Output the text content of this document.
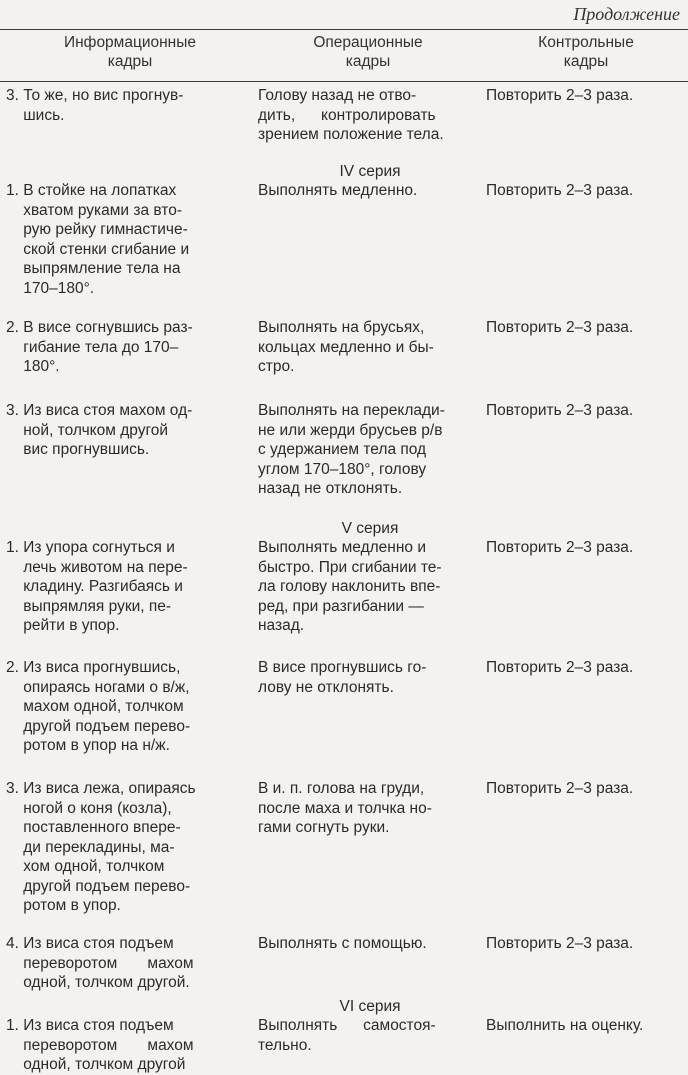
Продолжение
Информационные
кадры
Операционные
кадры
Контрольные
кадры
3. То же, но вис прогнув-
шись.
Голову назад не отво-
дить,      контролировать
зрением положение тела.
Повторить 2–3 раза.
IV серия
1. В стойке на лопатках
хватом руками за вто-
рую рейку гимнастиче-
ской стенки сгибание и
выпрямление тела на
170–180°.
Выполнять медленно.	Повторить 2–3 раза.
2. В висе согнувшись раз-
гибание тела до 170–
180°.
Выполнять на брусьях,
кольцах медленно и бы-
стро.
Повторить 2–3 раза.
3. Из виса стоя махом од-
ной, толчком другой
вис прогнувшись.
Выполнять на переклади-
не или жерди брусьев р/в
с удержанием тела под
углом 170–180°, голову
назад не отклонять.
Повторить 2–3 раза.
V серия
1. Из упора согнуться и
лечь животом на пере-
кладину. Разгибаясь и
выпрямляя руки, пе-
рейти в упор.
Выполнять медленно и
быстро. При сгибании те-
ла голову наклонить впе-
ред, при разгибании —
назад.
Повторить 2–3 раза.
2. Из виса прогнувшись,
опираясь ногами о в/ж,
махом одной, толчком
другой подъем перево-
ротом в упор на н/ж.
В висе прогнувшись го-
лову не отклонять.
Повторить 2–3 раза.
3. Из виса лежа, опираясь
ногой о коня (козла),
поставленного впере-
ди перекладины, ма-
хом одной, толчком
другой подъем перево-
ротом в упор.
В и. п. голова на груди,
после маха и толчка но-
гами согнуть руки.
Повторить 2–3 раза.
4. Из виса стоя подъем
переворотом       махом
одной, толчком другой.
Выполнять с помощью.	Повторить 2–3 раза.
VI серия
1. Из виса стоя подъем
переворотом       махом
одной, толчком другой
Выполнять      самостоя-
тельно.
Выполнить на оценку.
